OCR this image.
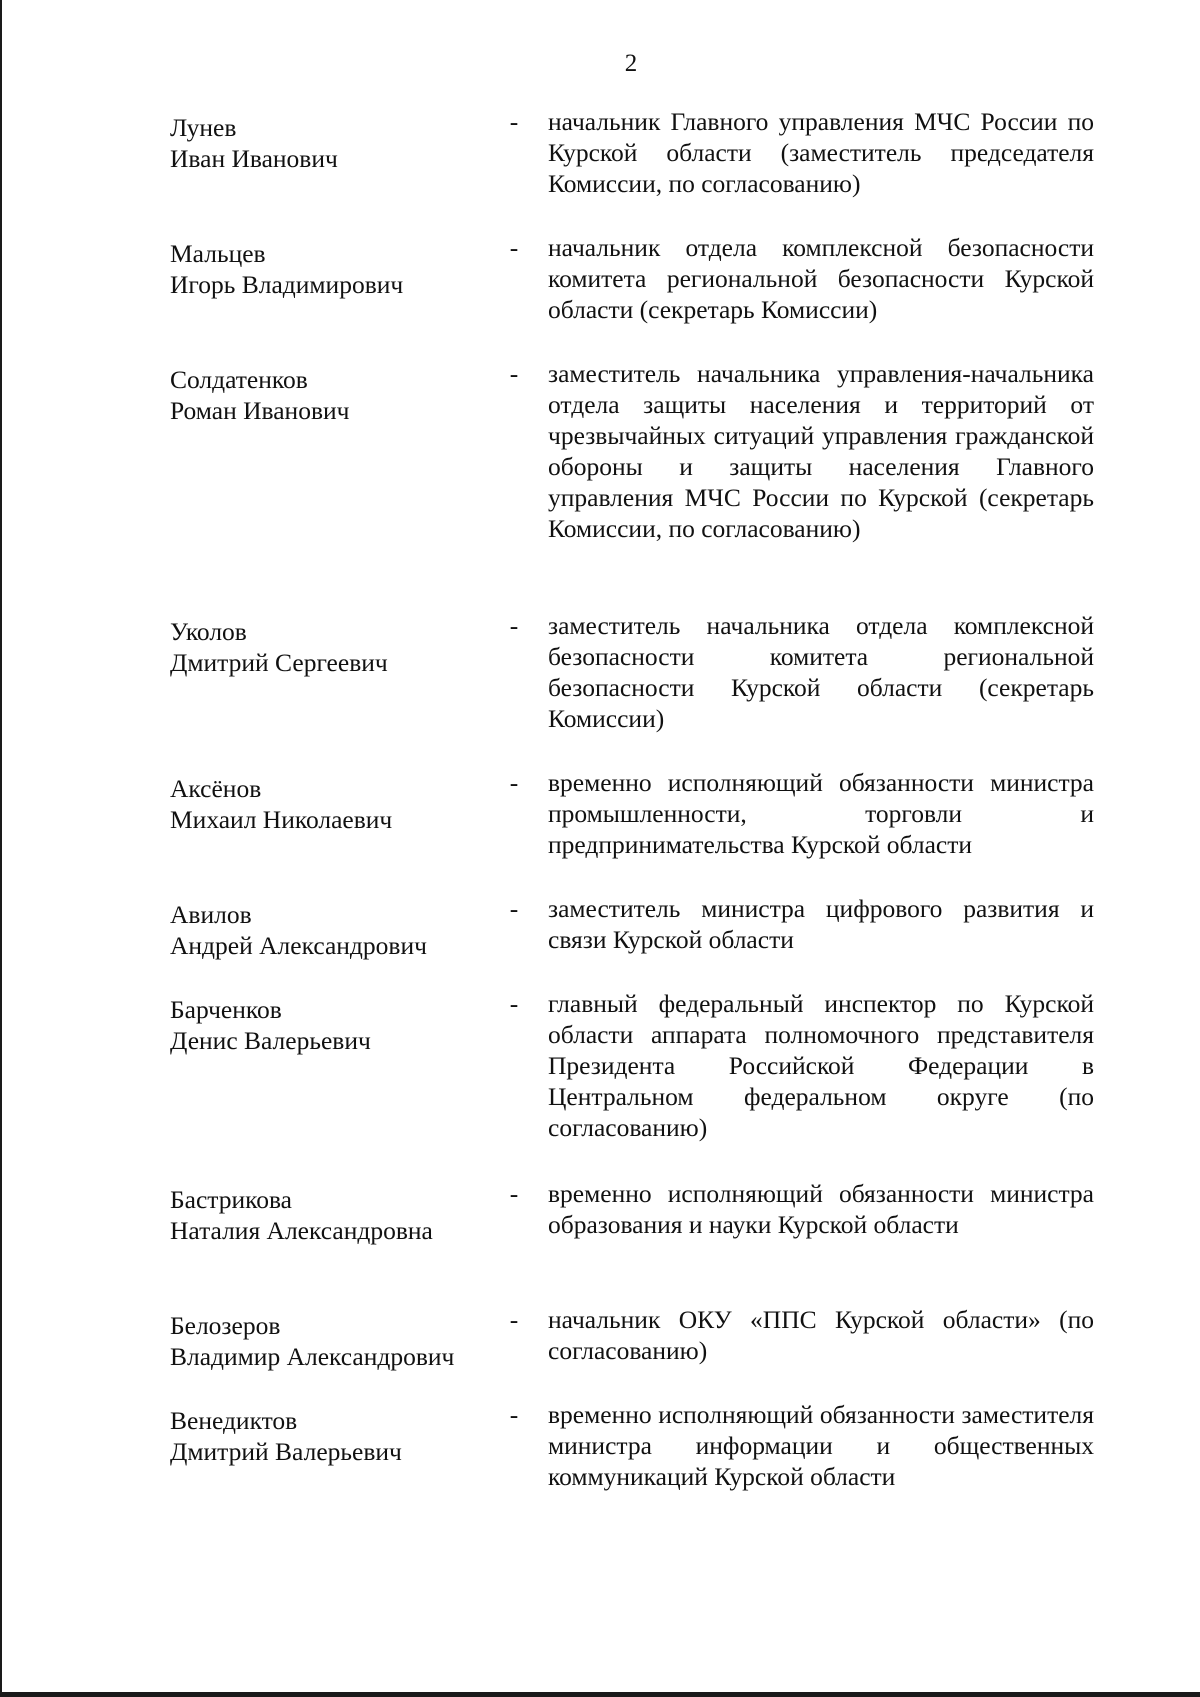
2
Лунев
Иван Иванович
- начальник Главного управления МЧС России по Курской области (заместитель председателя Комиссии, по согласованию)
Мальцев
Игорь Владимирович
- начальник отдела комплексной безопасности комитета региональной безопасности Курской области (секретарь Комиссии)
Солдатенков
Роман Иванович
- заместитель начальника управления-начальника отдела защиты населения и территорий от чрезвычайных ситуаций управления гражданской обороны и защиты населения Главного управления МЧС России по Курской (секретарь Комиссии, по согласованию)
Уколов
Дмитрий Сергеевич
- заместитель начальника отдела комплексной безопасности комитета региональной безопасности Курской области (секретарь Комиссии)
Аксёнов
Михаил Николаевич
- временно исполняющий обязанности министра промышленности, торговли и предпринимательства Курской области
Авилов
Андрей Александрович
- заместитель министра цифрового развития и связи Курской области
Барченков
Денис Валерьевич
- главный федеральный инспектор по Курской области аппарата полномочного представителя Президента Российской Федерации в Центральном федеральном округе (по согласованию)
Бастрикова
Наталия Александровна
- временно исполняющий обязанности министра образования и науки Курской области
Белозеров
Владимир Александрович
- начальник ОКУ «ППС Курской области» (по согласованию)
Венедиктов
Дмитрий Валерьевич
- временно исполняющий обязанности заместителя министра информации и общественных коммуникаций Курской области
